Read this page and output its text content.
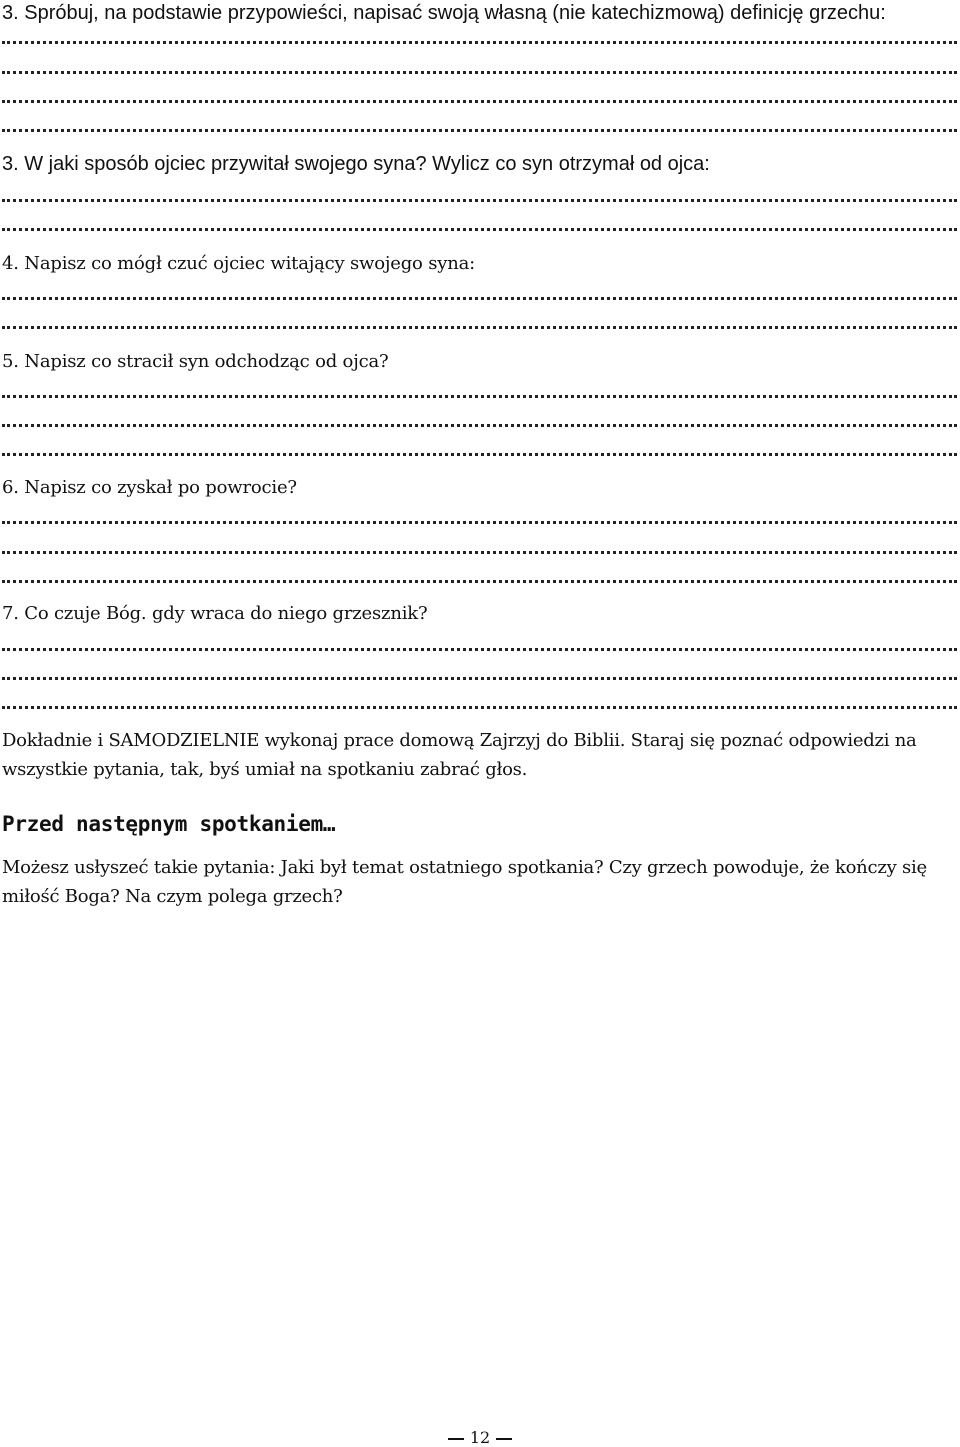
3. Spróbuj, na podstawie przypowieści, napisać swoją własną (nie katechizmową) definicję grzechu:

3. W jaki sposób ojciec przywitał swojego syna? Wylicz co syn otrzymał od ojca:

4. Napisz co mógł czuć ojciec witający swojego syna:

5. Napisz co stracił syn odchodząc od ojca?

6. Napisz co zyskał po powrocie?

7. Co czuje Bóg. gdy wraca do niego grzesznik?

Dokładnie i SAMODZIELNIE wykonaj prace domową Zajrzyj do Biblii. Staraj się poznać odpowiedzi na wszystkie pytania, tak, byś umiał na spotkaniu zabrać głos.

Przed następnym spotkaniem…

Możesz usłyszeć takie pytania: Jaki był temat ostatniego spotkania? Czy grzech powoduje, że kończy się miłość Boga? Na czym polega grzech?

12
